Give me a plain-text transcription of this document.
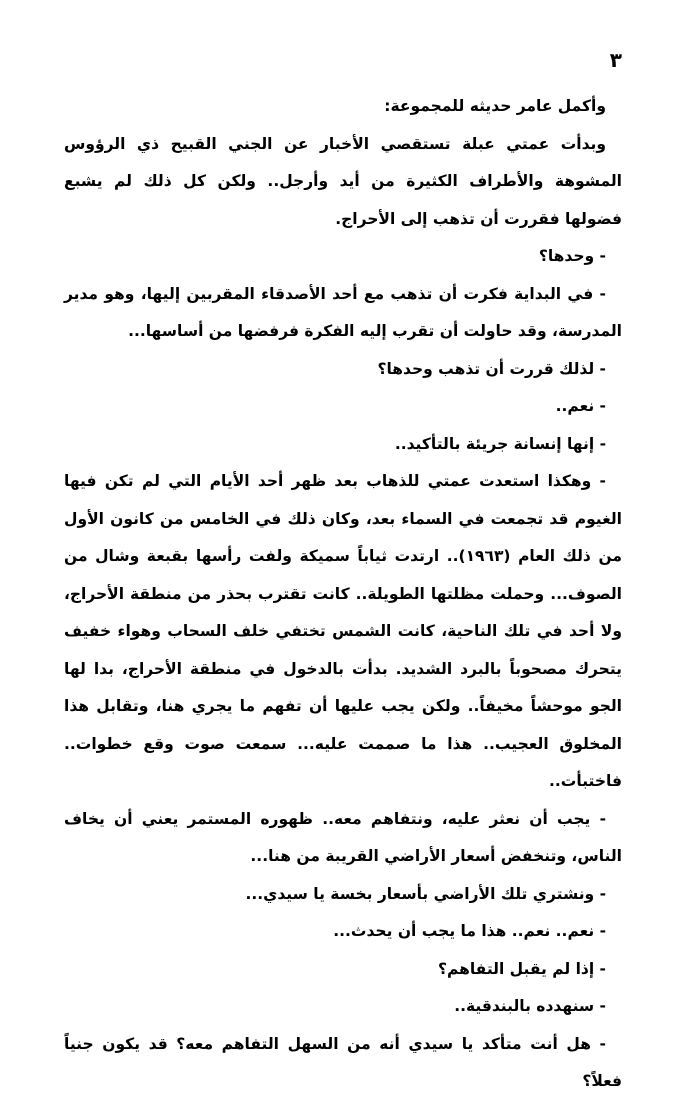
٣

وأكمل عامر حديثه للمجموعة:

وبدأت عمتي عبلة تستقصي الأخبار عن الجني القبيح ذي الرؤوس المشوهة والأطراف الكثيرة من أيد وأرجل.. ولكن كل ذلك لم يشبع فضولها فقررت أن تذهب إلى الأحراج.

- وحدها؟

- في البداية فكرت أن تذهب مع أحد الأصدقاء المقربين إليها، وهو مدير المدرسة، وقد حاولت أن تقرب إليه الفكرة فرفضها من أساسها...

- لذلك قررت أن تذهب وحدها؟

- نعم..

- إنها إنسانة جريئة بالتأكيد..

- وهكذا استعدت عمتي للذهاب بعد ظهر أحد الأيام التي لم تكن فيها الغيوم قد تجمعت في السماء بعد، وكان ذلك في الخامس من كانون الأول من ذلك العام (١٩٦٣).. ارتدت ثياباً سميكة ولفت رأسها بقبعة وشال من الصوف... وحملت مظلتها الطويلة.. كانت تقترب بحذر من منطقة الأحراج، ولا أحد في تلك الناحية، كانت الشمس تختفي خلف السحاب وهواء خفيف يتحرك مصحوباً بالبرد الشديد. بدأت بالدخول في منطقة الأحراج، بدا لها الجو موحشاً مخيفاً.. ولكن يجب عليها أن تفهم ما يجري هنا، وتقابل هذا المخلوق العجيب.. هذا ما صممت عليه... سمعت صوت وقع خطوات.. فاختبأت..

- يجب أن نعثر عليه، ونتفاهم معه.. ظهوره المستمر يعني أن يخاف الناس، وتنخفض أسعار الأراضي القريبة من هنا...

- ونشتري تلك الأراضي بأسعار بخسة يا سيدي...

- نعم.. نعم.. هذا ما يجب أن يحدث...

- إذا لم يقبل التفاهم؟

- سنهدده بالبندقية..

- هل أنت متأكد يا سيدي أنه من السهل التفاهم معه؟ قد يكون جنياً فعلاً؟
